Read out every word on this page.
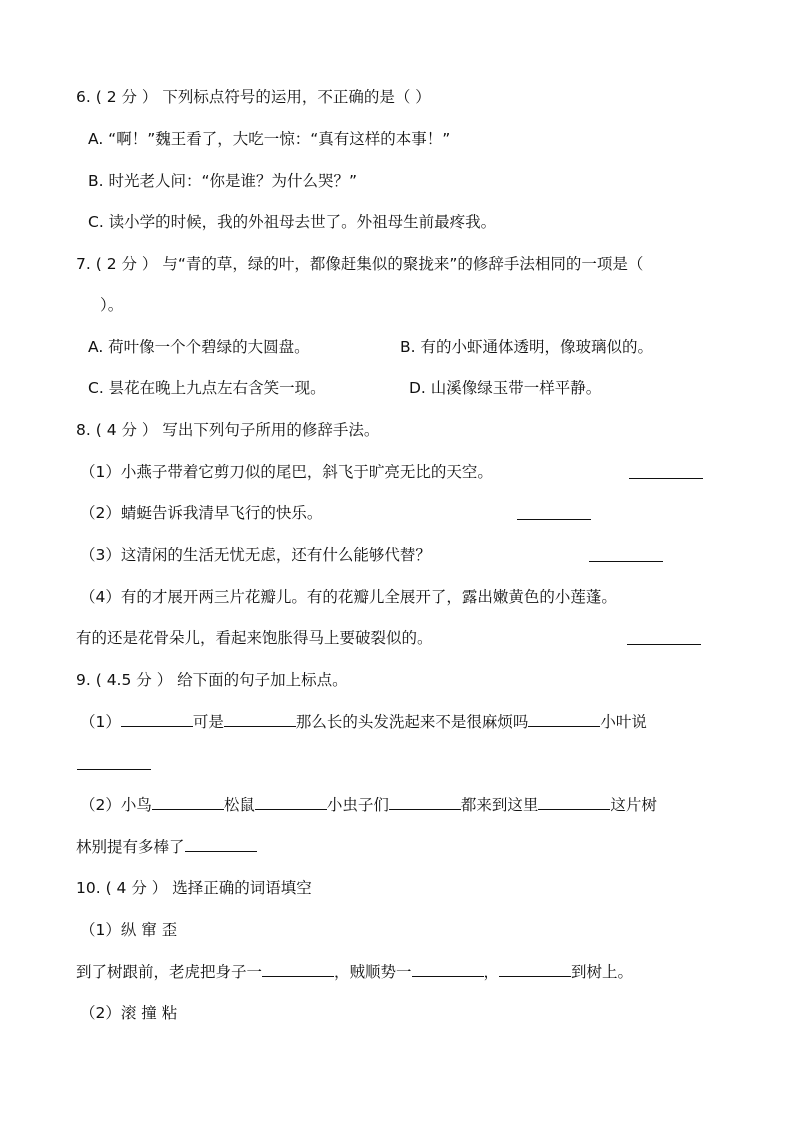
6. ( 2 分 ） 下列标点符号的运用，不正确的是（ ）
A. “啊！”魏王看了，大吃一惊：“真有这样的本事！”
B. 时光老人问：“你是谁？为什么哭？”
C. 读小学的时候，我的外祖母去世了。外祖母生前最疼我。
7. ( 2 分 ） 与“青的草，绿的叶，都像赶集似的聚拢来”的修辞手法相同的一项是（
）。
A. 荷叶像一个个碧绿的大圆盘。	B. 有的小虾通体透明，像玻璃似的。
C. 昙花在晚上九点左右含笑一现。	D. 山溪像绿玉带一样平静。
8. ( 4 分 ） 写出下列句子所用的修辞手法。
（1）小燕子带着它剪刀似的尾巴，斜飞于旷亮无比的天空。
（2）蜻蜓告诉我清早飞行的快乐。
（3）这清闲的生活无忧无虑，还有什么能够代替？
（4）有的才展开两三片花瓣儿。有的花瓣儿全展开了，露出嫩黄色的小莲蓬。
有的还是花骨朵儿，看起来饱胀得马上要破裂似的。
9. ( 4.5 分 ） 给下面的句子加上标点。
（1）	可是	那么长的头发洗起来不是很麻烦吗	小叶说
（2）小鸟	松鼠	小虫子们	都来到这里	这片树
林别提有多棒了
10. ( 4 分 ） 选择正确的词语填空
（1）纵 窜 歪
到了树跟前，老虎把身子一	，贼顺势一	，	到树上。
（2）滚 撞 粘
